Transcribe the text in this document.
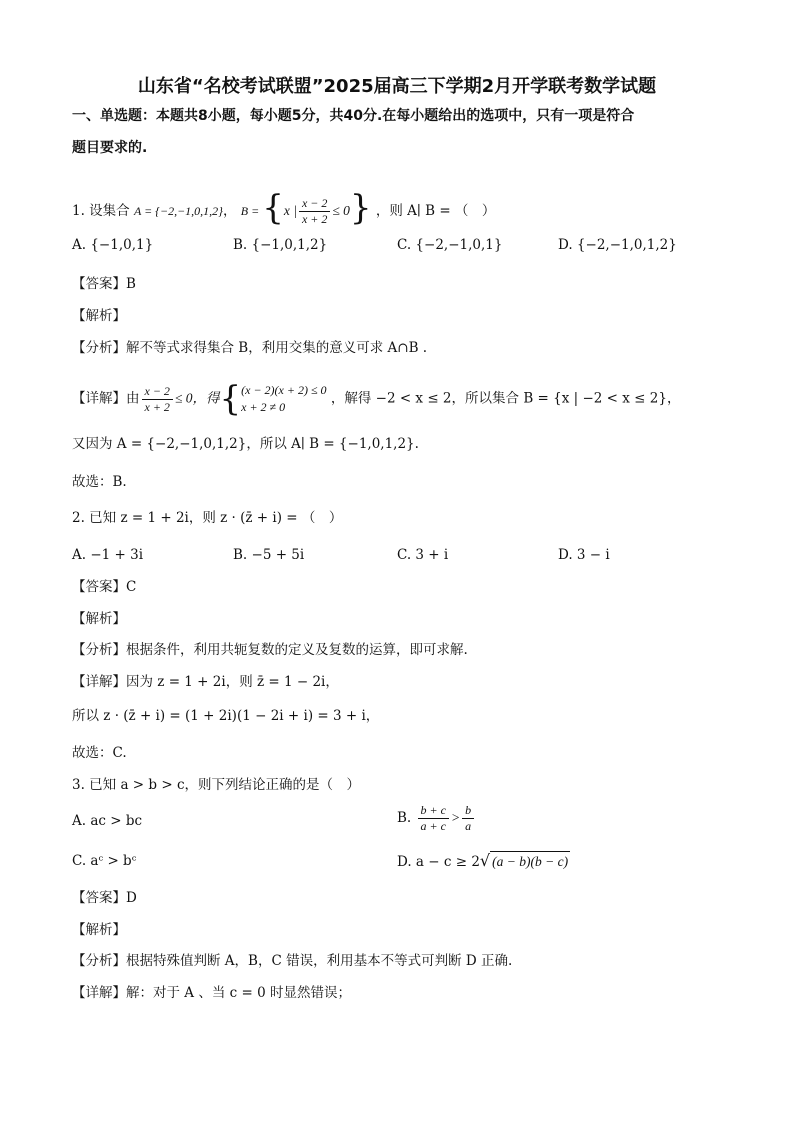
山东省“名校考试联盟”2025届高三下学期2月开学联考数学试题
一、单选题：本题共8小题，每小题5分，共40分.在每小题给出的选项中，只有一项是符合
题目要求的.
1. 设集合 A = {−2,−1,0,1,2}， B = {x | $\frac{x - 2}{x + 2} \le 0$} ，则 A∣ B = （　）
A. {−1,0,1}	B. {−1,0,1,2}	C. {−2,−1,0,1}	D. {−2,−1,0,1,2}
【答案】B
【解析】
【分析】解不等式求得集合 B，利用交集的意义可求 A∩B .
【详解】由 $\frac{x - 2}{x + 2} \le 0$，得{ (x − 2)(x + 2) ≤ 0
x + 2 ≠ 0
，解得 −2 < x ≤ 2，所以集合 B = {x | −2 < x ≤ 2}，
又因为 A = {−2,−1,0,1,2}，所以 A∣ B = {−1,0,1,2}.
故选：B.
2. 已知 z = 1 + 2i，则 z · (z̄ + i) = （　）
A. −1 + 3i	B. −5 + 5i	C. 3 + i	D. 3 − i
【答案】C
【解析】
【分析】根据条件，利用共轭复数的定义及复数的运算，即可求解.
【详解】因为 z = 1 + 2i，则 z̄ = 1 − 2i，
所以 z · (z̄ + i) = (1 + 2i)(1 − 2i + i) = 3 + i，
故选：C.
3. 已知 a > b > c，则下列结论正确的是（　）
A. ac > bc	B. $\frac{b + c}{a + c} > \frac{b}{a}$
C. aᶜ > bᶜ	D. a − c ≥ 2√ (a − b)(b − c)
【答案】D
【解析】
【分析】根据特殊值判断 A，B，C 错误，利用基本不等式可判断 D 正确.
【详解】解：对于 A 、当 c = 0 时显然错误；
